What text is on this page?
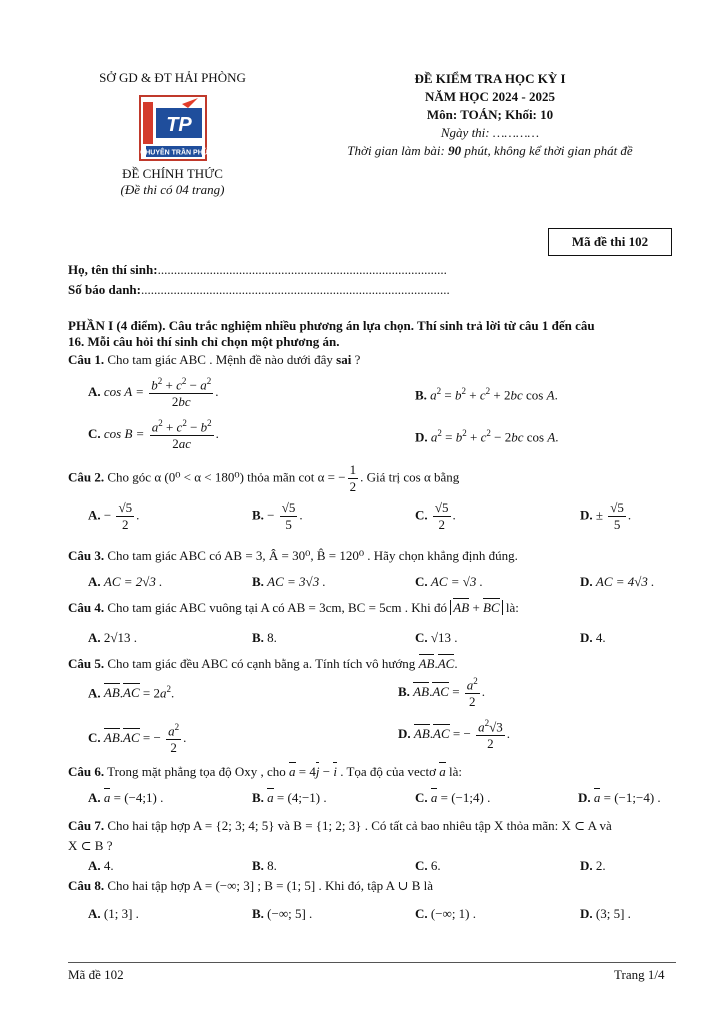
SỞ GD & ĐT HẢI PHÒNG
TP
CHUYÊN TRẦN PHÚ
ĐỀ CHÍNH THỨC
(Đề thi có 04 trang)
ĐỀ KIỂM TRA HỌC KỲ I
NĂM HỌC 2024 - 2025
Môn: TOÁN; Khối: 10
Ngày thi: …………
Thời gian làm bài: 90 phút, không kể thời gian phát đề
Mã đề thi 102
Họ, tên thí sinh:.........................................................................................
Số báo danh:...............................................................................................
PHẦN I (4 điểm). Câu trắc nghiệm nhiều phương án lựa chọn. Thí sinh trả lời từ câu 1 đến câu
16. Mỗi câu hỏi thí sinh chỉ chọn một phương án.
Câu 1. Cho tam giác ABC . Mệnh đề nào dưới đây sai ?
A. $\cos A = \frac{b^2 + c^2 - a^2}{2bc}$ .	B. $a^2 = b^2 + c^2 + 2bc$ cos A.
C. $\cos B = \frac{a^2 + c^2 - b^2}{2ac}$ .	D. $a^2 = b^2 + c^2 - 2bc$ cos A.
Câu 2. Cho góc α (0⁰ < α < 180⁰) thỏa mãn cot α = − $\frac{1}{2}$ . Giá trị cos α bằng
A. − $\frac{√5}{2}$ .	B. − $\frac{√5}{5}$ .	C. $\frac{√5}{2}$ .	D. ± $\frac{√5}{5}$ .
Câu 3. Cho tam giác ABC có AB = 3, Â = 30⁰, B̂ = 120⁰ . Hãy chọn khẳng định đúng.
A. AC = 2√3 .	B. AC = 3√3 .	C. AC = √3 .	D. AC = 4√3 .
Câu 4. Cho tam giác ABC vuông tại A có AB = 3cm, BC = 5cm . Khi đó AB + BC là:
A. 2√13 .	B. 8.	C. √13 .	D. 4.
Câu 5. Cho tam giác đều ABC có cạnh bằng a. Tính tích vô hướng AB.AC.
A. $AB.AC = 2a^2$.	B. $AB.AC = \frac{a^2}{2}$ .
C. AB.AC = − $\frac{a^2}{2}$ .	D. AB.AC = − $\frac{a^2√3}{2}$ .
Câu 6. Trong mặt phẳng tọa độ Oxy , cho a = 4j − i . Tọa độ của vectơ a là:
A. a = (−4;1) .	B. a = (4;−1) .	C. a = (−1;4) .	D. a = (−1;−4) .
Câu 7. Cho hai tập hợp A = {2; 3; 4; 5} và B = {1; 2; 3} . Có tất cả bao nhiêu tập X thỏa mãn: X ⊂ A và
X ⊂ B ?
A. 4.	B. 8.	C. 6.	D. 2.
Câu 8. Cho hai tập hợp A = (−∞; 3] ; B = (1; 5] . Khi đó, tập A ∪ B là
A. (1; 3] .	B. (−∞; 5] .	C. (−∞; 1) .	D. (3; 5] .
Mã đề 102	Trang 1/4
